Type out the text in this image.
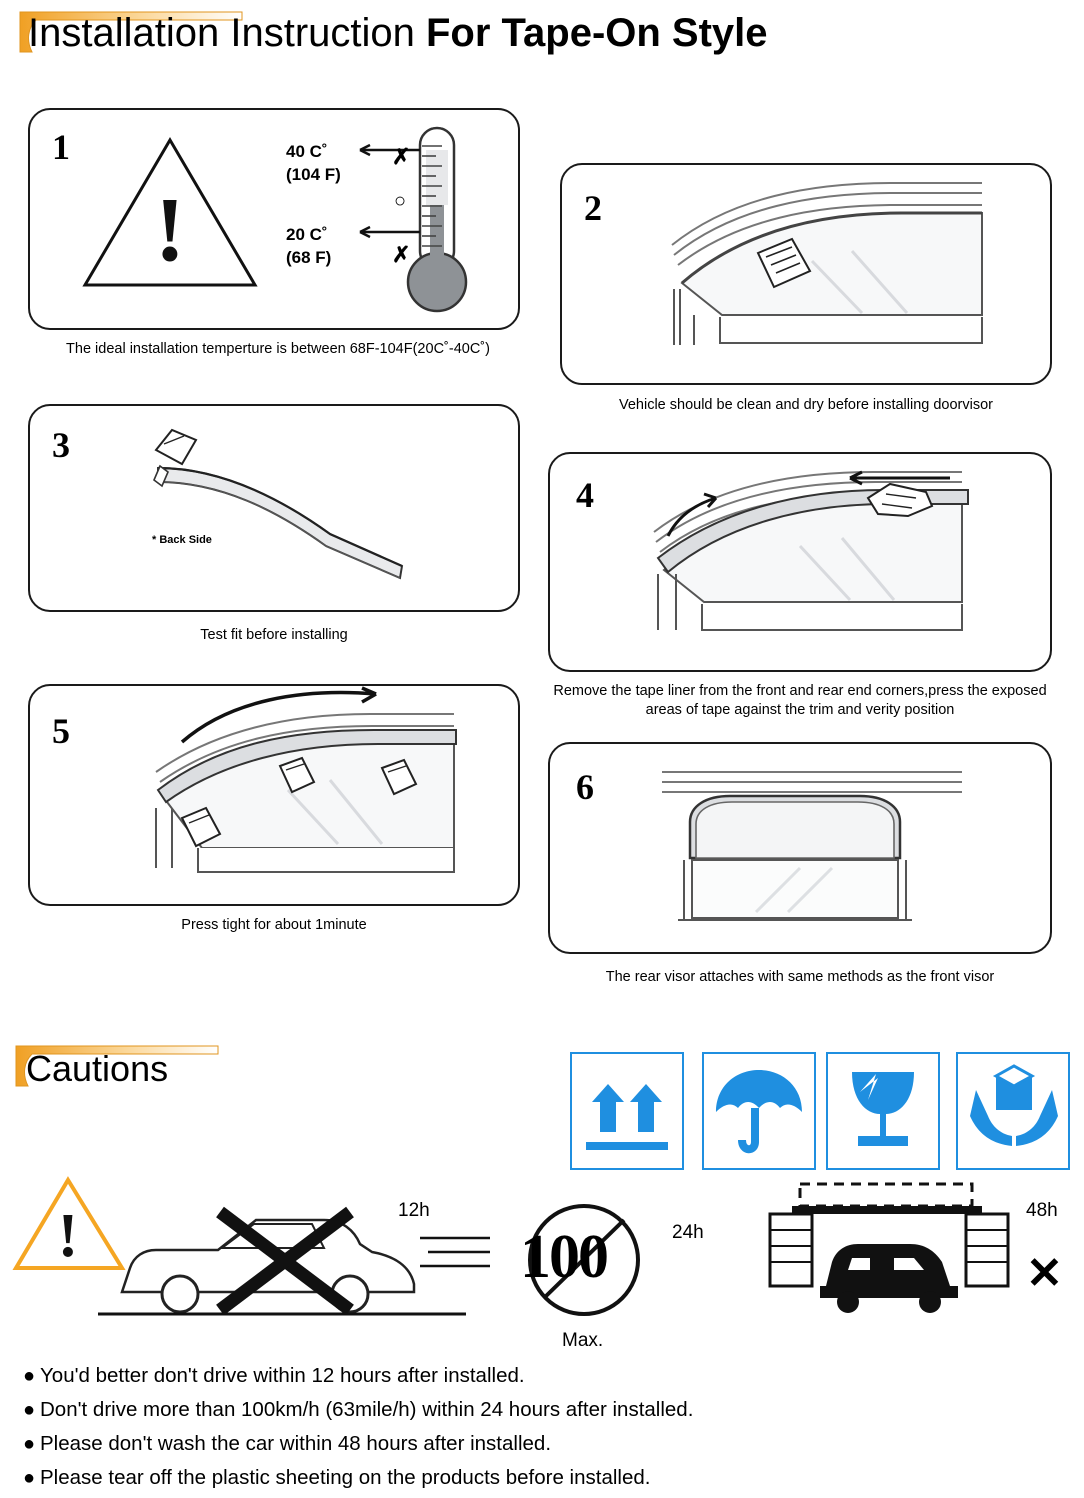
Installation Instruction For Tape-On Style
1
!
40 C˚
(104 F)
20 C˚
(68 F)
✗
○
✗
The ideal installation temperture is between 68F-104F(20C˚-40C˚)
2
Vehicle should be clean and dry before installing doorvisor
3
* Back Side
Test fit before installing
4
Remove the tape liner from the front and rear end corners,press the exposed areas of tape against the trim and verity position
5
Press tight for about 1minute
6
The rear visor attaches with same methods as the front visor
Cautions
!	100	✕
12h
24h
48h
Max.
● You'd better don't drive within 12 hours after installed.
● Don't drive more than 100km/h (63mile/h) within 24 hours after installed.
● Please don't wash the car within 48 hours after installed.
● Please tear off the plastic sheeting on the products before installed.
